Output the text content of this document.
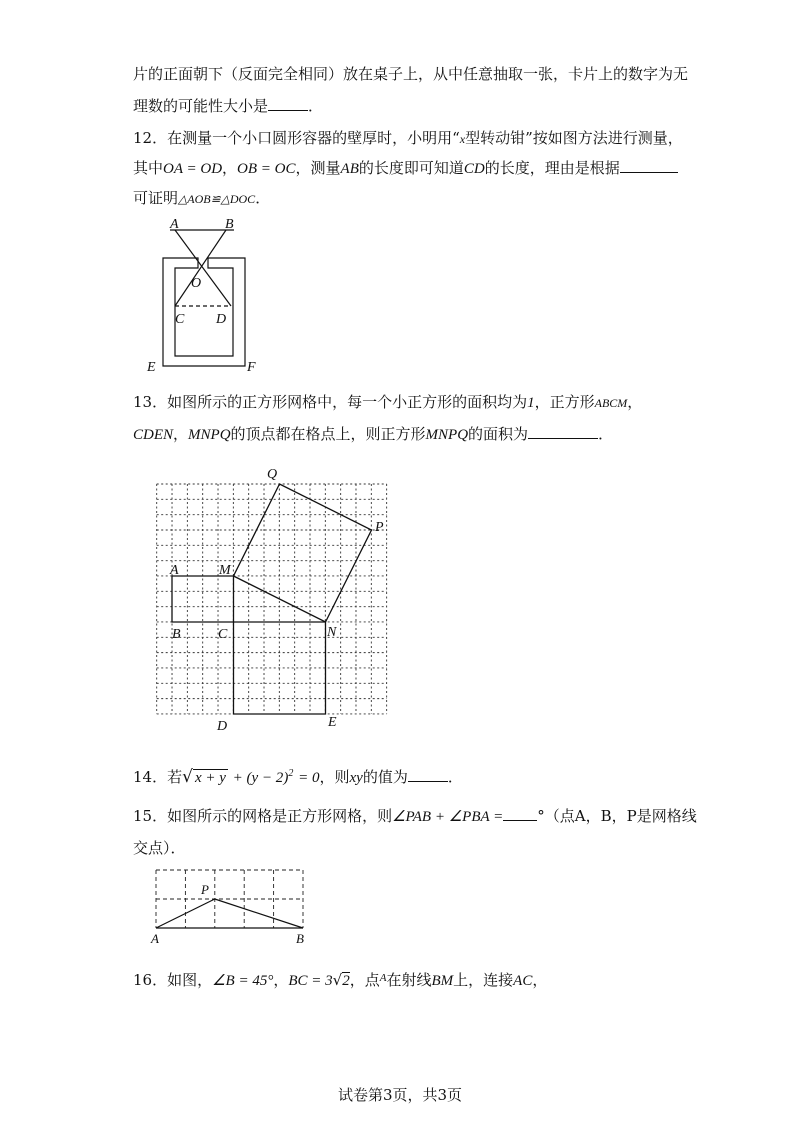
片的正面朝下（反面完全相同）放在桌子上，从中任意抽取一张，卡片上的数字为无
理数的可能性大小是	．
12．在测量一个小口圆形容器的壁厚时，小明用“x型转动钳”按如图方法进行测量，
其中OA = OD，OB = OC，测量AB的长度即可知道CD的长度，理由是根据
可证明△AOB≌△DOC．
A	B
O
C D
E	F
13．如图所示的正方形网格中，每一个小正方形的面积均为1，正方形ABCM，
CDEN，MNPQ的顶点都在格点上，则正方形MNPQ的面积为	．
Q
P
A	M
B	C	N
D	E
14．若√ $x + y + (y - 2)^2 = 0$，则xy的值为	．
15．如图所示的网格是正方形网格，则∠PAB + ∠PBA = °（点A，B，P是网格线
交点）．
P
A	B
16．如图，∠B = 45°，BC = 3√2，点$^A$在射线BM上，连接AC，
试卷第3页，共3页
